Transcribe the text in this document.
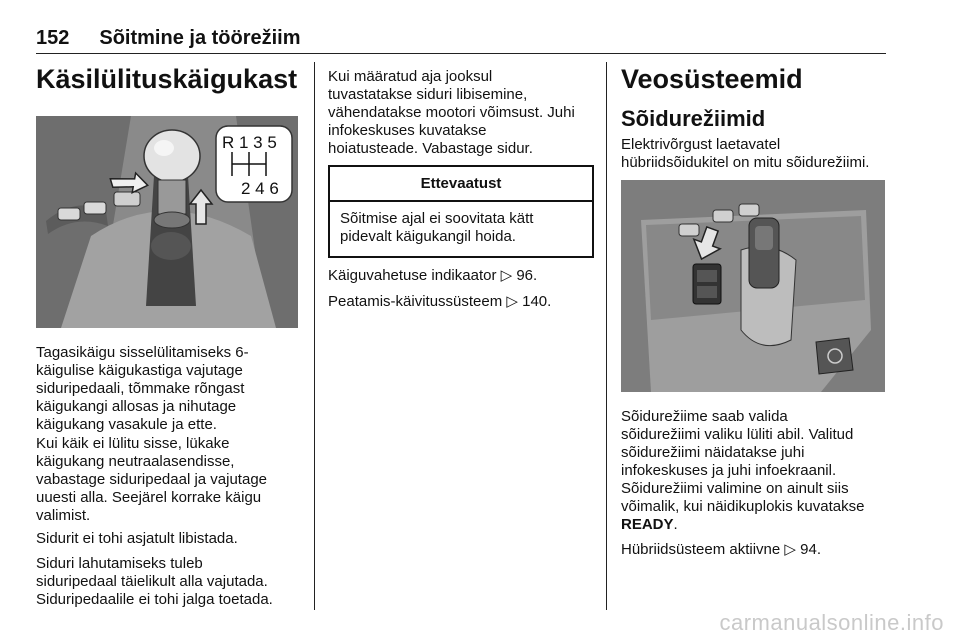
152 Sõitmine ja töörežiim
Käsilülituskäigukast
R 1 3 5
2 4 6
Tagasikäigu sisselülitamiseks 6-
käigulise käigukastiga vajutage
siduripedaali, tõmmake rõngast
käigukangi allosas ja nihutage
käigukang vasakule ja ette.
Kui käik ei lülitu sisse, lükake
käigukang neutraalasendisse,
vabastage siduripedaal ja vajutage
uuesti alla. Seejärel korrake käigu
valimist.
Sidurit ei tohi asjatult libistada.
Siduri lahutamiseks tuleb
siduripedaal täielikult alla vajutada.
Siduripedaalile ei tohi jalga toetada.
Kui määratud aja jooksul
tuvastatakse siduri libisemine,
vähendatakse mootori võimsust. Juhi
infokeskuses kuvatakse
hoiatusteade. Vabastage sidur.
Ettevaatust
Sõitmise ajal ei soovitata kätt
pidevalt käigukangil hoida.
Käiguvahetuse indikaator ▷ 96.
Peatamis-käivitussüsteem ▷ 140.
Veosüsteemid
Sõidurežiimid
Elektrivõrgust laetavatel
hübriidsõidukitel on mitu sõidurežiimi.
Sõidurežiime saab valida
sõidurežiimi valiku lüliti abil. Valitud
sõidurežiimi näidatakse juhi
infokeskuses ja juhi infoekraanil.
Sõidurežiimi valimine on ainult siis
võimalik, kui näidikuplokis kuvatakse
READY.
Hübriidsüsteem aktiivne ▷ 94.
carmanualsonline.info
